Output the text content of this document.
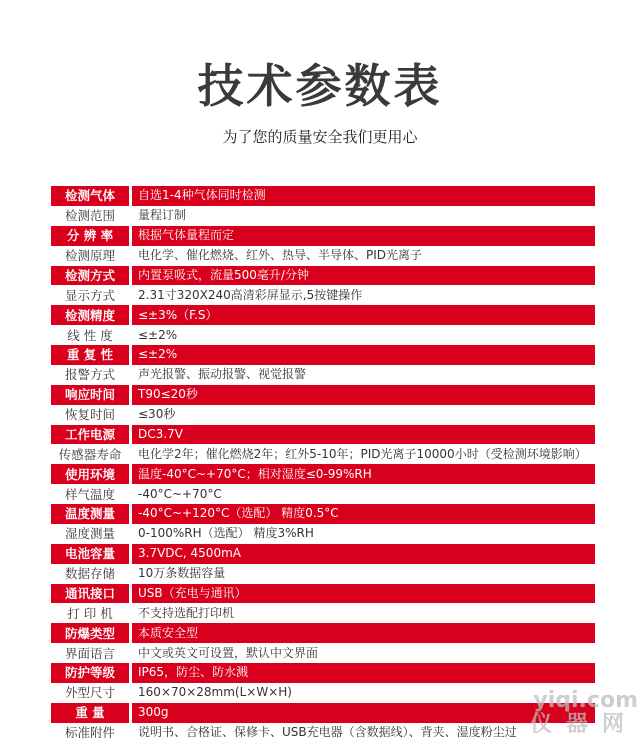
技术参数表
为了您的质量安全我们更用心
检测气体	自选1-4种气体同时检测
检测范围	量程订制
分 辨 率	根据气体量程而定
检测原理	电化学、催化燃烧、红外、热导、半导体、PID光离子
检测方式	内置泵吸式，流量500毫升/分钟
显示方式	2.31寸320X240高清彩屏显示,5按键操作
检测精度	≤±3%（F.S）
线 性 度	≤±2%
重 复 性	≤±2%
报警方式	声光报警、振动报警、视觉报警
响应时间	T90≤20秒
恢复时间	≤30秒
工作电源	DC3.7V
传感器寿命	电化学2年；催化燃烧2年；红外5-10年；PID光离子10000小时（受检测环境影响）
使用环境	温度-40°C~+70°C；相对湿度≤0-99%RH
样气温度	-40°C~+70°C
温度测量	-40°C~+120°C（选配） 精度0.5°C
湿度测量	0-100%RH（选配） 精度3%RH
电池容量	3.7VDC, 4500mA
数据存储	10万条数据容量
通讯接口	USB（充电与通讯）
打 印 机	不支持选配打印机
防爆类型	本质安全型
界面语言	中文或英文可设置，默认中文界面
防护等级	IP65，防尘、防水溅
外型尺寸	160×70×28mm(L×W×H)
重 量	300g
标准附件	说明书、合格证、保修卡、USB充电器（含数据线）、背夹、湿度粉尘过
yiqi.com
仪器网
